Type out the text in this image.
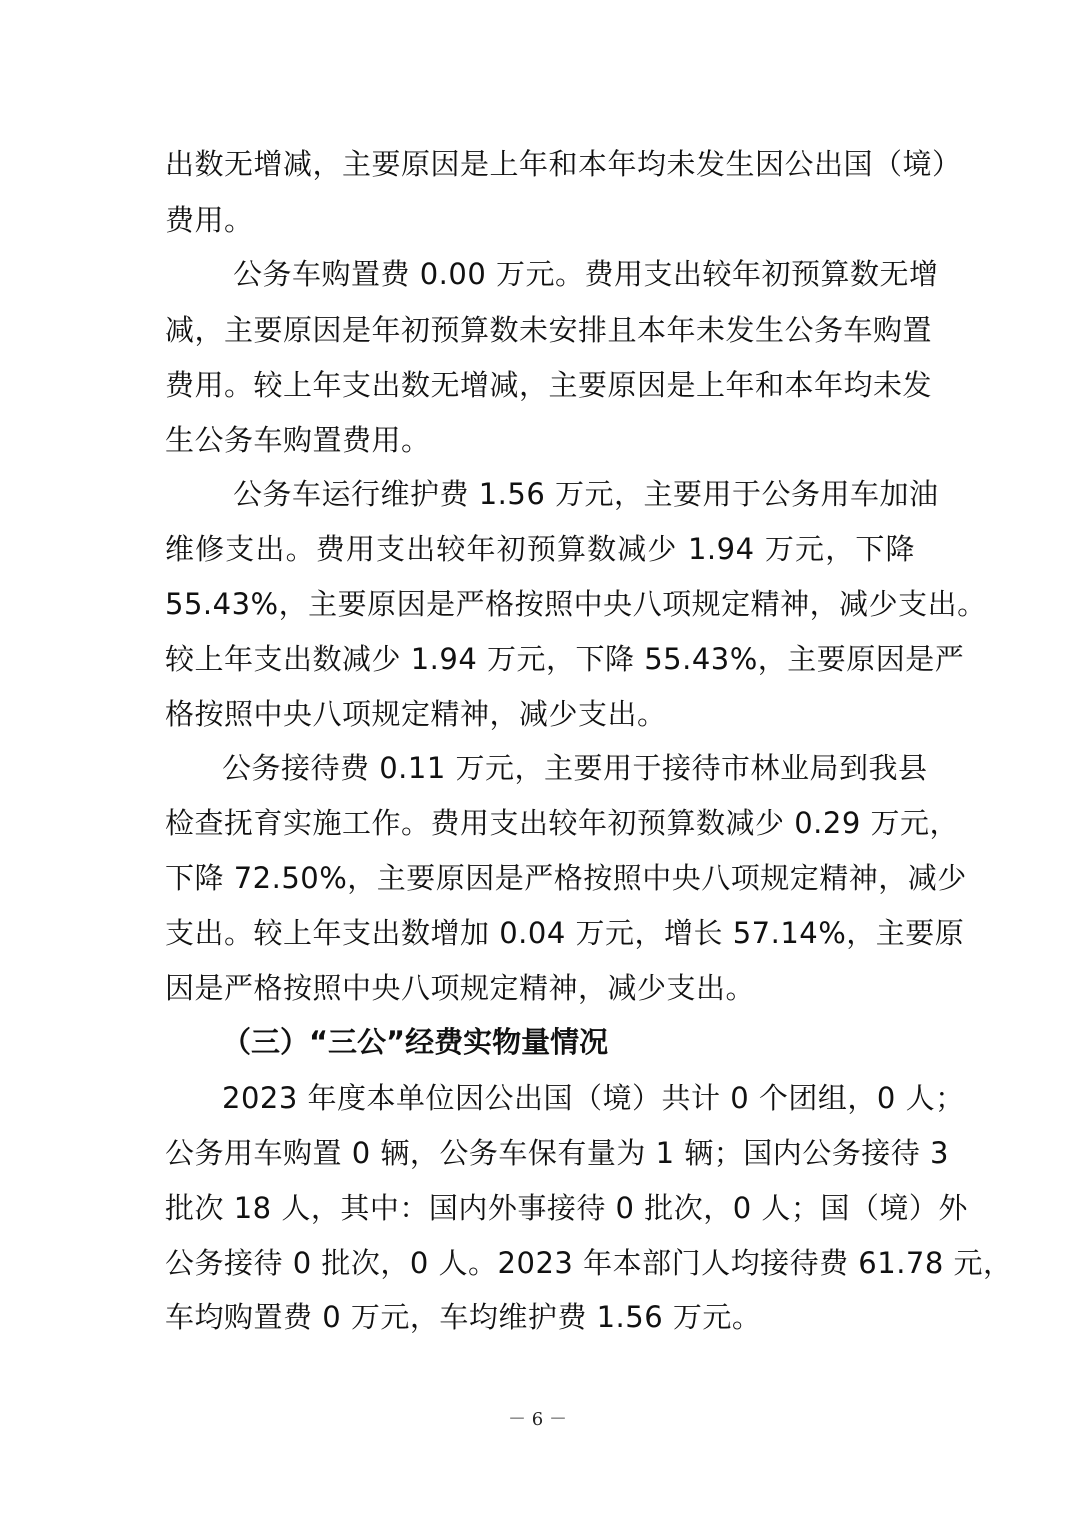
出数无增减，主要原因是上年和本年均未发生因公出国（境）
费用。
公务车购置费 0.00 万元。费用支出较年初预算数无增
减，主要原因是年初预算数未安排且本年未发生公务车购置
费用。较上年支出数无增减，主要原因是上年和本年均未发
生公务车购置费用。
公务车运行维护费 1.56 万元，主要用于公务用车加油
维修支出。费用支出较年初预算数减少 1.94 万元，下降
55.43%，主要原因是严格按照中央八项规定精神，减少支出。
较上年支出数减少 1.94 万元，下降 55.43%，主要原因是严
格按照中央八项规定精神，减少支出。
公务接待费 0.11 万元，主要用于接待市林业局到我县
检查抚育实施工作。费用支出较年初预算数减少 0.29 万元，
下降 72.50%，主要原因是严格按照中央八项规定精神，减少
支出。较上年支出数增加 0.04 万元，增长 57.14%，主要原
因是严格按照中央八项规定精神，减少支出。
（三）“三公”经费实物量情况
2023 年度本单位因公出国（境）共计 0 个团组，0 人；
公务用车购置 0 辆，公务车保有量为 1 辆；国内公务接待 3
批次 18 人，其中：国内外事接待 0 批次，0 人；国（境）外
公务接待 0 批次，0 人。2023 年本部门人均接待费 61.78 元，
车均购置费 0 万元，车均维护费 1.56 万元。
－ 6 －
